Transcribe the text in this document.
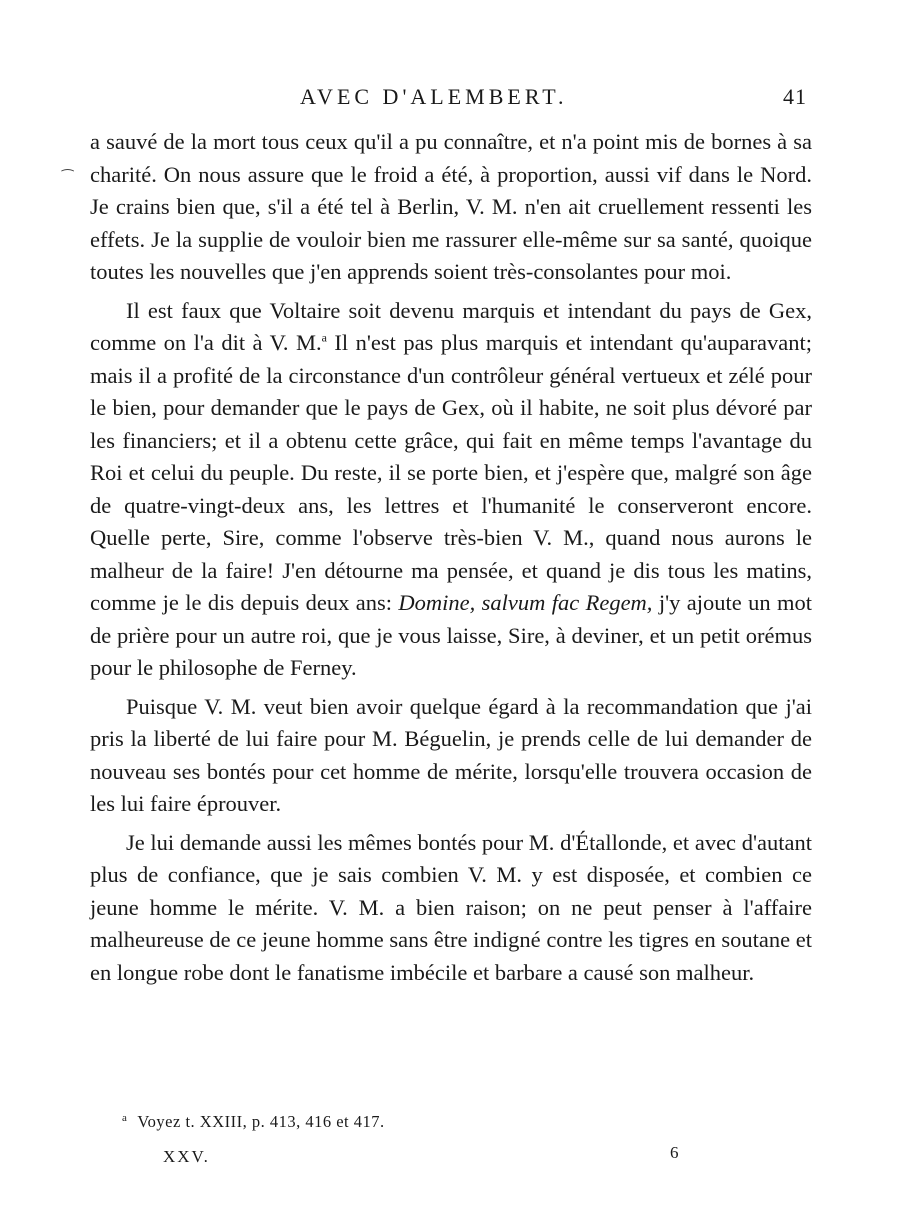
AVEC D'ALEMBERT.	41
⁀

a sauvé de la mort tous ceux qu'il a pu connaître, et n'a point mis de bornes à sa charité. On nous assure que le froid a été, à proportion, aussi vif dans le Nord. Je crains bien que, s'il a été tel à Berlin, V. M. n'en ait cruellement ressenti les effets. Je la supplie de vouloir bien me rassurer elle-même sur sa santé, quoique toutes les nouvelles que j'en apprends soient très-consolantes pour moi.

Il est faux que Voltaire soit devenu marquis et intendant du pays de Gex, comme on l'a dit à V. M.$^a$ Il n'est pas plus marquis et intendant qu'auparavant; mais il a profité de la circonstance d'un contrôleur général vertueux et zélé pour le bien, pour demander que le pays de Gex, où il habite, ne soit plus dévoré par les financiers; et il a obtenu cette grâce, qui fait en même temps l'avantage du Roi et celui du peuple. Du reste, il se porte bien, et j'espère que, malgré son âge de quatre-vingt-deux ans, les lettres et l'humanité le conserveront encore. Quelle perte, Sire, comme l'observe très-bien V. M., quand nous aurons le malheur de la faire! J'en détourne ma pensée, et quand je dis tous les matins, comme je le dis depuis deux ans: Domine, salvum fac Regem, j'y ajoute un mot de prière pour un autre roi, que je vous laisse, Sire, à deviner, et un petit orémus pour le philosophe de Ferney.

Puisque V. M. veut bien avoir quelque égard à la recommandation que j'ai pris la liberté de lui faire pour M. Béguelin, je prends celle de lui demander de nouveau ses bontés pour cet homme de mérite, lorsqu'elle trouvera occasion de les lui faire éprouver.

Je lui demande aussi les mêmes bontés pour M. d'Étallonde, et avec d'autant plus de confiance, que je sais combien V. M. y est disposée, et combien ce jeune homme le mérite. V. M. a bien raison; on ne peut penser à l'affaire malheureuse de ce jeune homme sans être indigné contre les tigres en soutane et en longue robe dont le fanatisme imbécile et barbare a causé son malheur.

$^a$ Voyez t. XXIII, p. 413, 416 et 417.
XXV.	6
